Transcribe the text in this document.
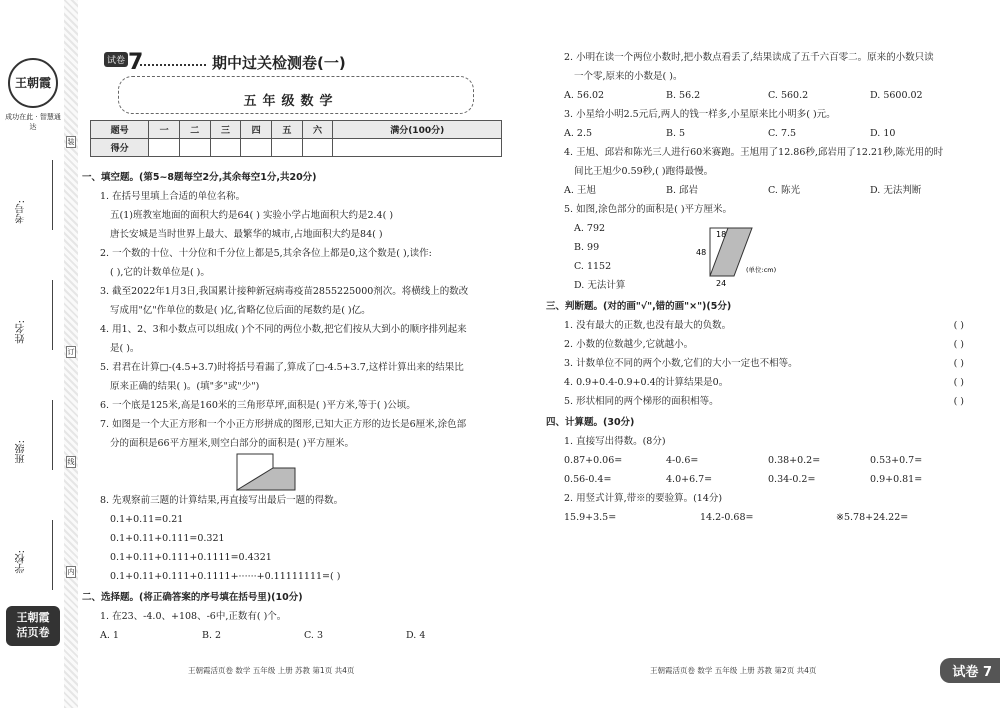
王朝霞
成功在此 · 智慧通达
学校:
班级:
姓名:
考号:
王朝霞
活页卷
装
订
线
内
试卷 7	期中过关检测卷(一)
五年级数学
题号	一	二	三	四	五	六	满分(100分)
得分							
一、填空题。(第5~8题每空2分,其余每空1分,共20分)
1. 在括号里填上合适的单位名称。
五(1)班教室地面的面积大约是64( ) 实验小学占地面积大约是2.4( )
唐长安城是当时世界上最大、最繁华的城市,占地面积大约是84( )
2. 一个数的十位、十分位和千分位上都是5,其余各位上都是0,这个数是( ),读作:
( ),它的计数单位是( )。
3. 截至2022年1月3日,我国累计接种新冠病毒疫苗2855225000剂次。将横线上的数改
写成用"亿"作单位的数是( )亿,省略亿位后面的尾数约是( )亿。
4. 用1、2、3和小数点可以组成( )个不同的两位小数,把它们按从大到小的顺序排列起来
是( )。
5. 君君在计算□-(4.5+3.7)时将括号看漏了,算成了□-4.5+3.7,这样计算出来的结果比
原来正确的结果( )。(填"多"或"少")
6. 一个底是125米,高是160米的三角形草坪,面积是( )平方米,等于( )公顷。
7. 如图是一个大正方形和一个小正方形拼成的图形,已知大正方形的边长是6厘米,涂色部
分的面积是66平方厘米,则空白部分的面积是( )平方厘米。
8. 先观察前三题的计算结果,再直接写出最后一题的得数。
0.1+0.11=0.21
0.1+0.11+0.111=0.321
0.1+0.11+0.111+0.1111=0.4321
0.1+0.11+0.111+0.1111+······+0.11111111=( )
二、选择题。(将正确答案的序号填在括号里)(10分)
1. 在23、-4.0、+108、-6中,正数有( )个。
A. 1	B. 2	C. 3	D. 4
2. 小明在读一个两位小数时,把小数点看丢了,结果读成了五千六百零二。原来的小数只读
一个零,原来的小数是( )。
A. 56.02	B. 56.2	C. 560.2	D. 5600.02
3. 小星给小明2.5元后,两人的钱一样多,小星原来比小明多( )元。
A. 2.5	B. 5	C. 7.5	D. 10
4. 王旭、邱岩和陈光三人进行60米赛跑。王旭用了12.86秒,邱岩用了12.21秒,陈光用的时
间比王旭少0.59秒,( )跑得最慢。
A. 王旭	B. 邱岩	C. 陈光	D. 无法判断
5. 如图,涂色部分的面积是( )平方厘米。
A. 792
B. 99
C. 1152
D. 无法计算
18
48
24
(单位:cm)
三、判断题。(对的画"√",错的画"×")(5分)
1. 没有最大的正数,也没有最大的负数。	( )
2. 小数的位数越少,它就越小。	( )
3. 计数单位不同的两个小数,它们的大小一定也不相等。	( )
4. 0.9+0.4-0.9+0.4的计算结果是0。	( )
5. 形状相同的两个梯形的面积相等。	( )
四、计算题。(30分)
1. 直接写出得数。(8分)
0.87+0.06=	4-0.6=	0.38+0.2=	0.53+0.7=
0.56-0.4=	4.0+6.7=	0.34-0.2=	0.9+0.81=
2. 用竖式计算,带※的要验算。(14分)
15.9+3.5=	14.2-0.68=	※5.78+24.22=
王朝霞活页卷 数学 五年级 上册 苏教 第1页 共4页	王朝霞活页卷 数学 五年级 上册 苏教 第2页 共4页	试卷 7
